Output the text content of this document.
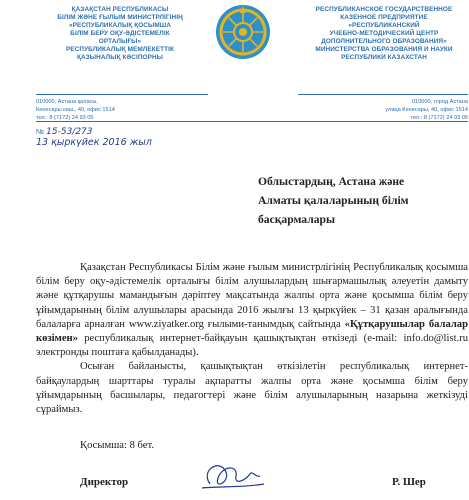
ҚАЗАҚСТАН РЕСПУБЛИКАСЫ
БІЛІМ ЖӘНЕ ҒЫЛЫМ МИНИСТРЛІГІНІҢ
«РЕСПУБЛИКАЛЫҚ ҚОСЫМША
БІЛІМ БЕРУ ОҚУ-ӘДІСТЕМЕЛІК
ОРТАЛЫҒЫ»
РЕСПУБЛИКАЛЫҚ МЕМЛЕКЕТТІК
ҚАЗЫНАЛЫҚ КӘСІПОРНЫ
РЕСПУБЛИКАНСКОЕ ГОСУДАРСТВЕННОЕ
КАЗЕННОЕ ПРЕДПРИЯТИЕ
«РЕСПУБЛИКАНСКИЙ
УЧЕБНО-МЕТОДИЧЕСКИЙ ЦЕНТР
ДОПОЛНИТЕЛЬНОГО ОБРАЗОВАНИЯ»
МИНИСТЕРСТВА ОБРАЗОВАНИЯ И НАУКИ
РЕСПУБЛИКИ КАЗАХСТАН
010000, Астана қаласы,
Кенесары көш., 40, офис 1514
тел.: 8 (7172) 24 93 05
010000, город Астана
улица Кенесары, 40, офис 1514
тел.: 8 (7172) 24 93 05
№ 15-53/273
13 қыркүйек 2016 жыл
Облыстардың, Астана және
Алматы қалаларының білім
басқармалары

Қазақстан Республикасы Білім және ғылым министрлігінің Республикалық қосымша білім беру оқу-әдістемелік орталығы білім алушылардың шығармашылық әлеуетін дамыту және құтқарушы мамандығын дәріптеу мақсатында жалпы орта және қосымша білім беру ұйымдарының білім алушылары арасында 2016 жылғы 13 қыркүйек – 31 қазан аралығында балаларға арналған www.ziyatker.org ғылыми-танымдық сайтында «Құтқарушылар балалар көзімен» республикалық интернет-байқауын қашықтықтан өткізеді (e-mail: info.do@list.ru электронды поштаға қабылданады).

Осыған байланысты, қашықтықтан өткізілетін республикалық интернет-байқаулардың шарттары туралы ақпаратты жалпы орта және қосымша білім беру ұйымдарының басшылары, педагогтері және білім алушыларының назарына жеткізуді сұраймыз.

Қосымша: 8 бет.
Директор	Р. Шер
